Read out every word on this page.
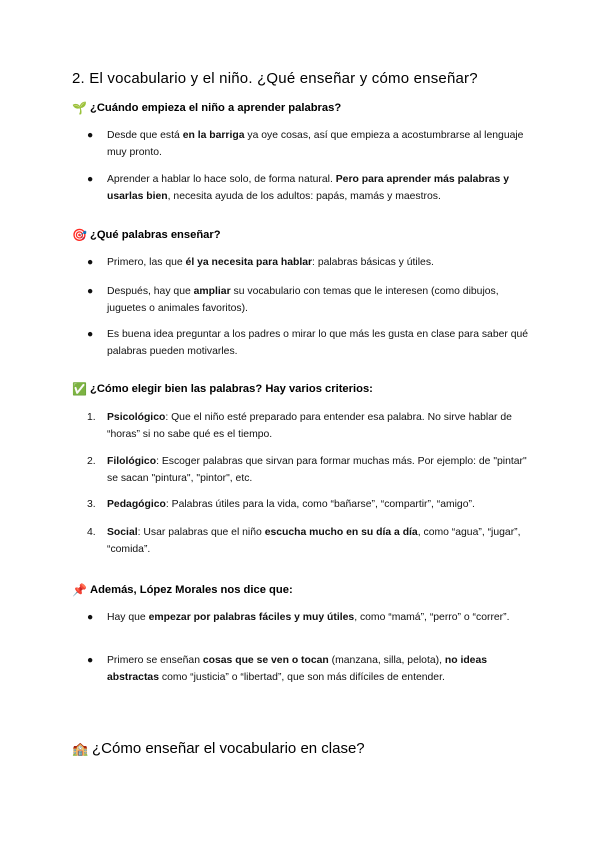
2. El vocabulario y el niño. ¿Qué enseñar y cómo enseñar?
🌱 ¿Cuándo empieza el niño a aprender palabras?
●	Desde que está en la barriga ya oye cosas, así que empieza a acostumbrarse al lenguaje muy pronto.
●	Aprender a hablar lo hace solo, de forma natural. Pero para aprender más palabras y usarlas bien, necesita ayuda de los adultos: papás, mamás y maestros.
🎯 ¿Qué palabras enseñar?
●	Primero, las que él ya necesita para hablar: palabras básicas y útiles.
●	Después, hay que ampliar su vocabulario con temas que le interesen (como dibujos, juguetes o animales favoritos).
●	Es buena idea preguntar a los padres o mirar lo que más les gusta en clase para saber qué palabras pueden motivarles.
✅ ¿Cómo elegir bien las palabras? Hay varios criterios:
1.	Psicológico: Que el niño esté preparado para entender esa palabra. No sirve hablar de “horas” si no sabe qué es el tiempo.
2.	Filológico: Escoger palabras que sirvan para formar muchas más. Por ejemplo: de "pintar" se sacan "pintura", "pintor", etc.
3.	Pedagógico: Palabras útiles para la vida, como “bañarse”, “compartir”, “amigo”.
4.	Social: Usar palabras que el niño escucha mucho en su día a día, como “agua”, “jugar”, “comida”.
📌 Además, López Morales nos dice que:
●	Hay que empezar por palabras fáciles y muy útiles, como “mamá”, “perro” o “correr”.
●	Primero se enseñan cosas que se ven o tocan (manzana, silla, pelota), no ideas abstractas como “justicia” o “libertad”, que son más difíciles de entender.
🏫 ¿Cómo enseñar el vocabulario en clase?
